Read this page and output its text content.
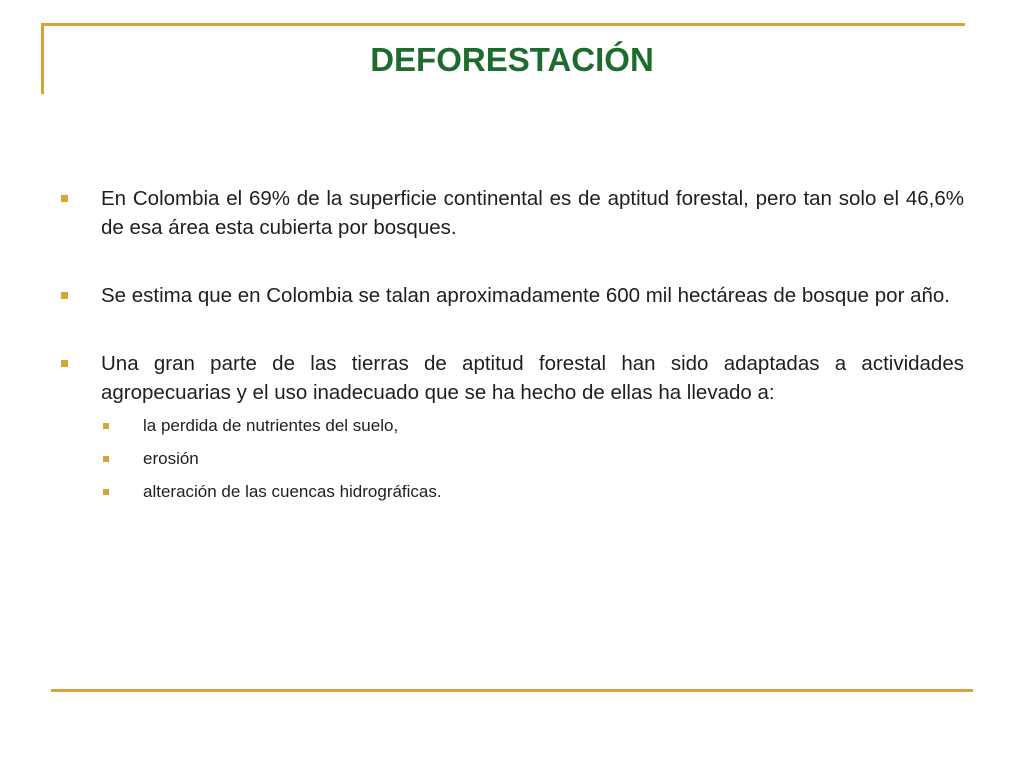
DEFORESTACIÓN
En Colombia el 69% de la superficie continental es de aptitud forestal, pero tan solo el 46,6% de esa área esta cubierta por bosques.
Se estima que en Colombia se talan aproximadamente 600 mil hectáreas de bosque por año.
Una gran parte de las tierras de aptitud forestal han sido adaptadas a actividades agropecuarias y el uso inadecuado que se ha hecho de ellas ha llevado a:
la perdida de nutrientes del suelo,
erosión
alteración de las cuencas hidrográficas.
